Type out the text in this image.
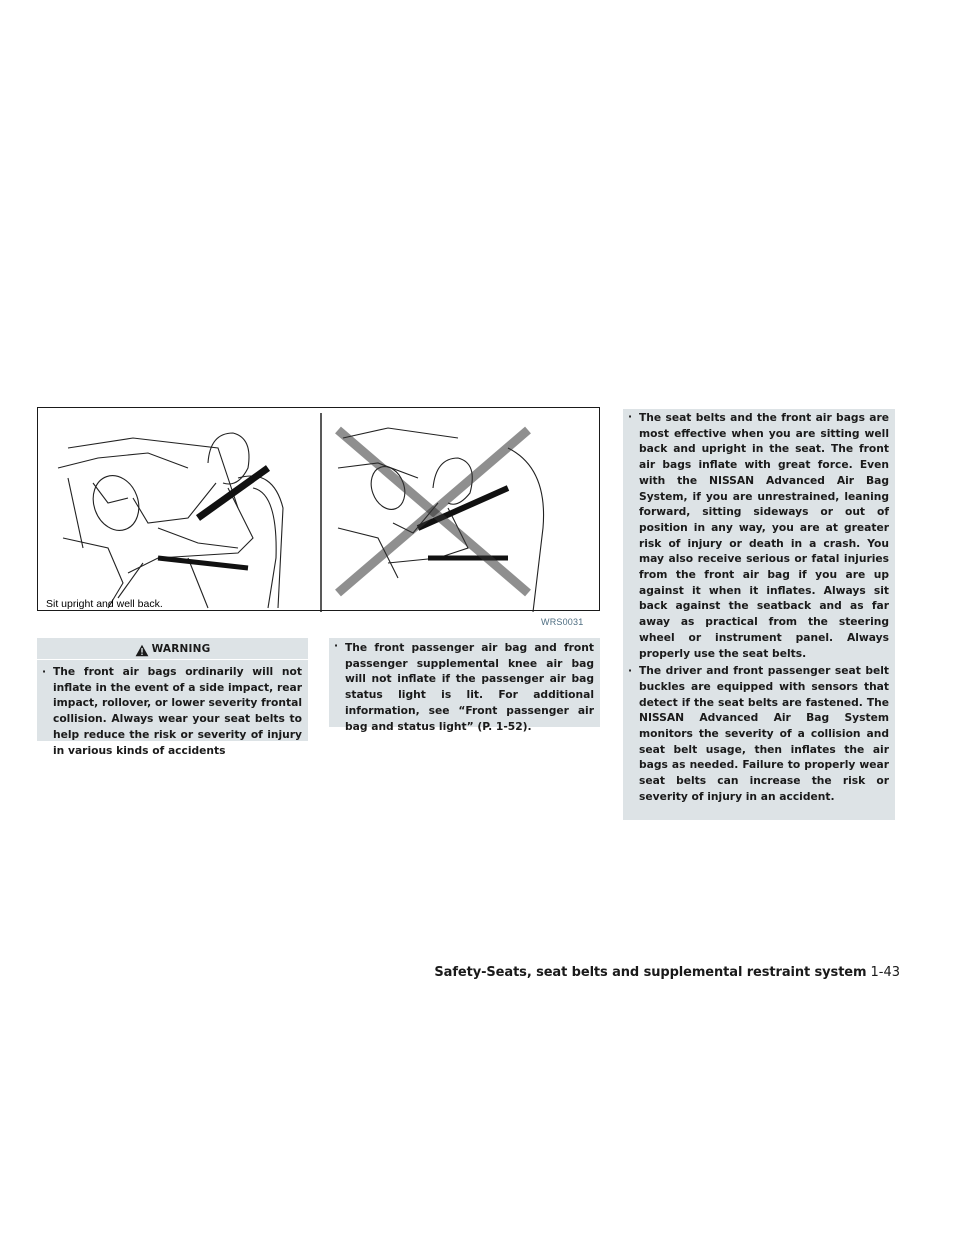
Sit upright and well back.
WRS0031
WARNING
· The front air bags ordinarily will not inflate in the event of a side impact, rear impact, rollover, or lower severity frontal collision. Always wear your seat belts to help reduce the risk or severity of injury in various kinds of accidents
· The front passenger air bag and front passenger supplemental knee air bag will not inflate if the passenger air bag status light is lit. For additional information, see “Front passenger air bag and status light” (P. 1-52).
· The seat belts and the front air bags are most effective when you are sitting well back and upright in the seat. The front air bags inflate with great force. Even with the NISSAN Advanced Air Bag System, if you are unrestrained, leaning forward, sitting sideways or out of position in any way, you are at greater risk of injury or death in a crash. You may also receive serious or fatal injuries from the front air bag if you are up against it when it inflates. Always sit back against the seatback and as far away as practical from the steering wheel or instrument panel. Always properly use the seat belts.
· The driver and front passenger seat belt buckles are equipped with sensors that detect if the seat belts are fastened. The NISSAN Advanced Air Bag System monitors the severity of a collision and seat belt usage, then inflates the air bags as needed. Failure to properly wear seat belts can increase the risk or severity of injury in an accident.
Safety-Seats, seat belts and supplemental restraint system 1-43
